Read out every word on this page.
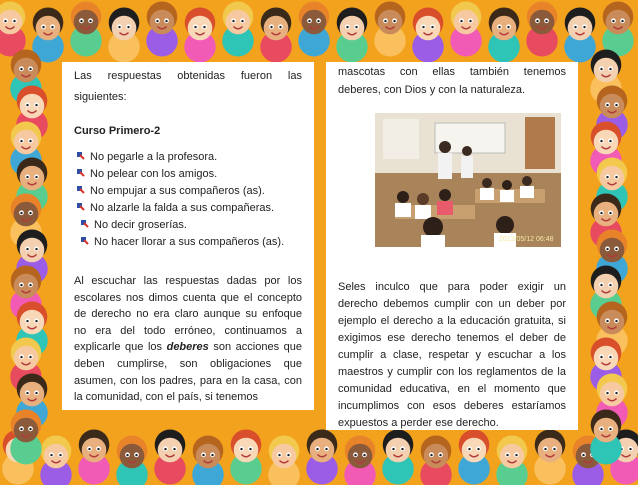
Las respuestas obtenidas fueron las

siguientes:

Curso Primero-2

No pegarle a la profesora.
No pelear con los amigos.
No empujar a sus compañeros (as).
No alzarle la falda a sus compañeras.
No decir groserías.
No hacer llorar a sus compañeros (as).

Al escuchar las respuestas dadas por los escolares nos dimos cuenta que el concepto de derecho no era claro aunque su enfoque no era del todo erróneo, continuamos a explicarle que los deberes son acciones que deben cumplirse, son obligaciones que asumen, con los padres, para en la casa, con la comunidad, con el país, si tenemos

mascotas con ellas también tenemos

deberes, con Dios y con la naturaleza.

2013/05/12 06:48

Seles inculco que para poder exigir un derecho debemos cumplir con un deber por ejemplo el derecho a la educación gratuita, si exigimos ese derecho tenemos el deber de cumplir a clase, respetar y escuchar a los maestros y cumplir con los reglamentos de la comunidad educativa, en el momento que incumplimos con esos deberes estaríamos expuestos a perder ese derecho.
